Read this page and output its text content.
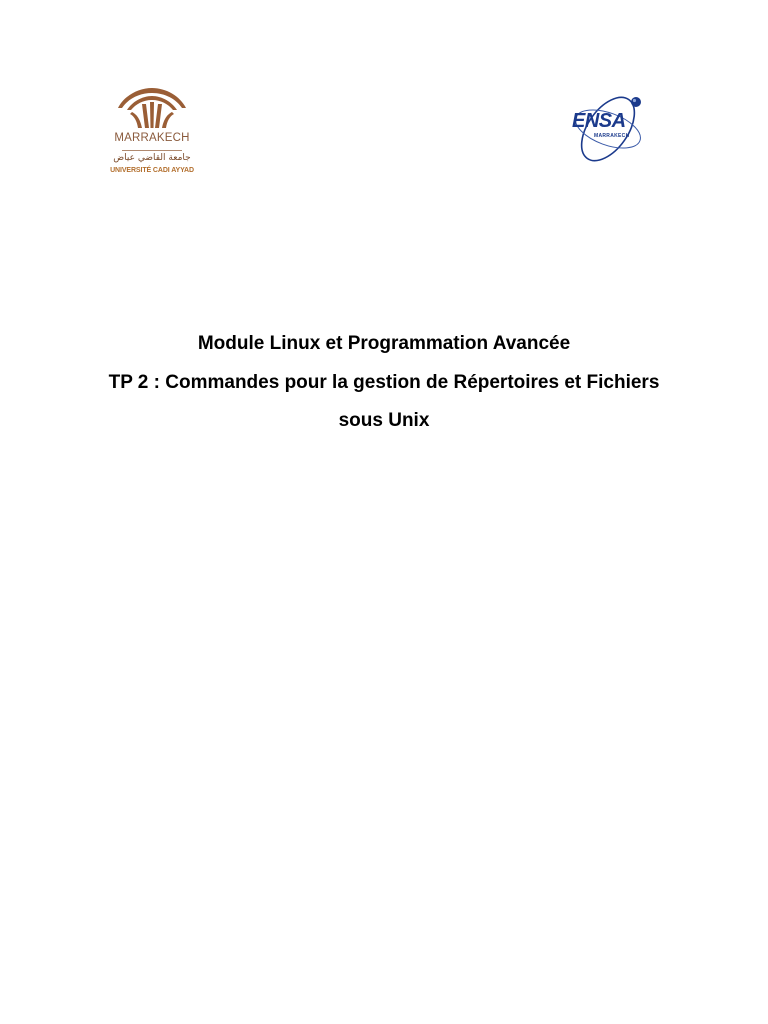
MARRAKECH
جامعة القاضي عياض
UNIVERSITÉ CADI AYYAD
ENSA
MARRAKECH
Module Linux et Programmation Avancée
TP 2 : Commandes pour la gestion de Répertoires et Fichiers
sous Unix
